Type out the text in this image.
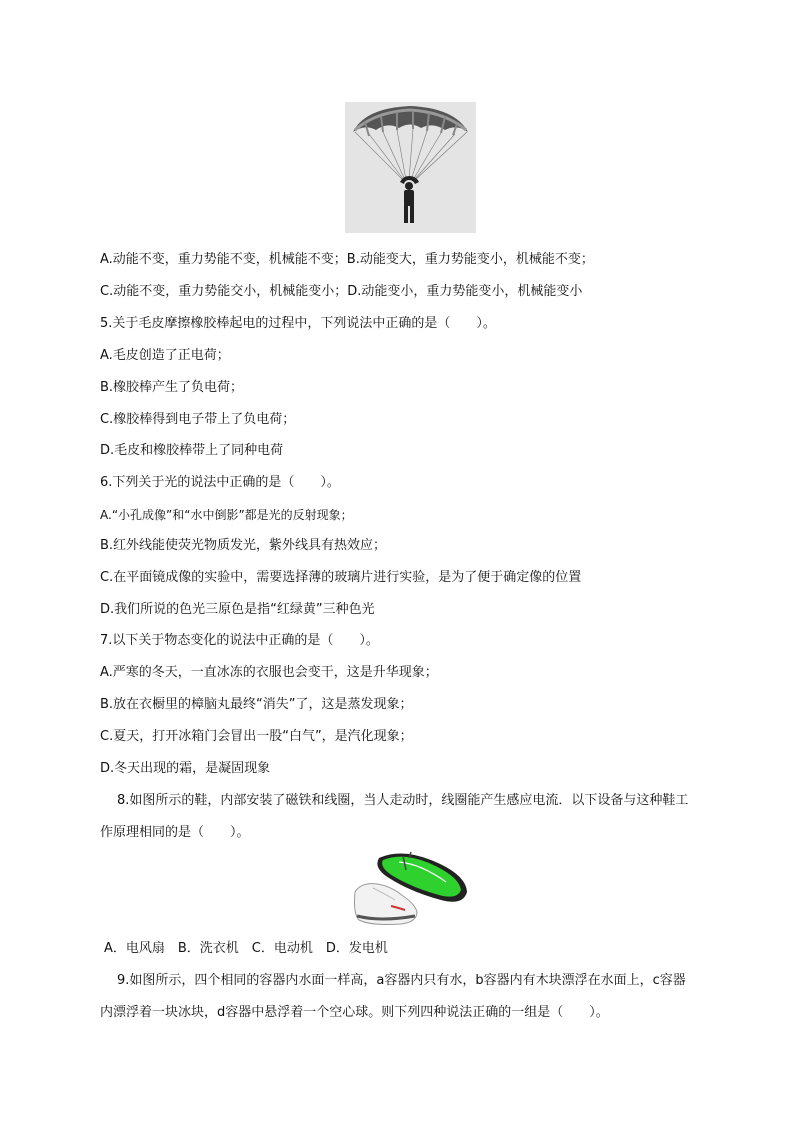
A.动能不变，重力势能不变，机械能不变；B.动能变大，重力势能变小，机械能不变；
C.动能不变，重力势能交小，机械能变小；D.动能变小，重力势能变小，机械能变小
5.关于毛皮摩擦橡胶棒起电的过程中，下列说法中正确的是（　　）。
A.毛皮创造了正电荷；
B.橡胶棒产生了负电荷；
C.橡胶棒得到电子带上了负电荷；
D.毛皮和橡胶棒带上了同种电荷
6.下列关于光的说法中正确的是（　　）。
A.“小孔成像”和“水中倒影”都是光的反射现象；
B.红外线能使荧光物质发光，紫外线具有热效应；
C.在平面镜成像的实验中，需要选择薄的玻璃片进行实验，是为了便于确定像的位置
D.我们所说的色光三原色是指“红绿黄”三种色光
7.以下关于物态变化的说法中正确的是（　　）。
A.严寒的冬天，一直冰冻的衣服也会变干，这是升华现象；
B.放在衣橱里的樟脑丸最终“消失”了，这是蒸发现象；
C.夏天，打开冰箱门会冒出一股“白气”，是汽化现象；
D.冬天出现的霜，是凝固现象
8.如图所示的鞋，内部安装了磁铁和线圈，当人走动时，线圈能产生感应电流．以下设备与这种鞋工
作原理相同的是（　　）。
A．电风扇　B．洗衣机　C．电动机　D．发电机
9.如图所示，四个相同的容器内水面一样高，a容器内只有水，b容器内有木块漂浮在水面上，c容器
内漂浮着一块冰块，d容器中悬浮着一个空心球。则下列四种说法正确的一组是（　　）。
